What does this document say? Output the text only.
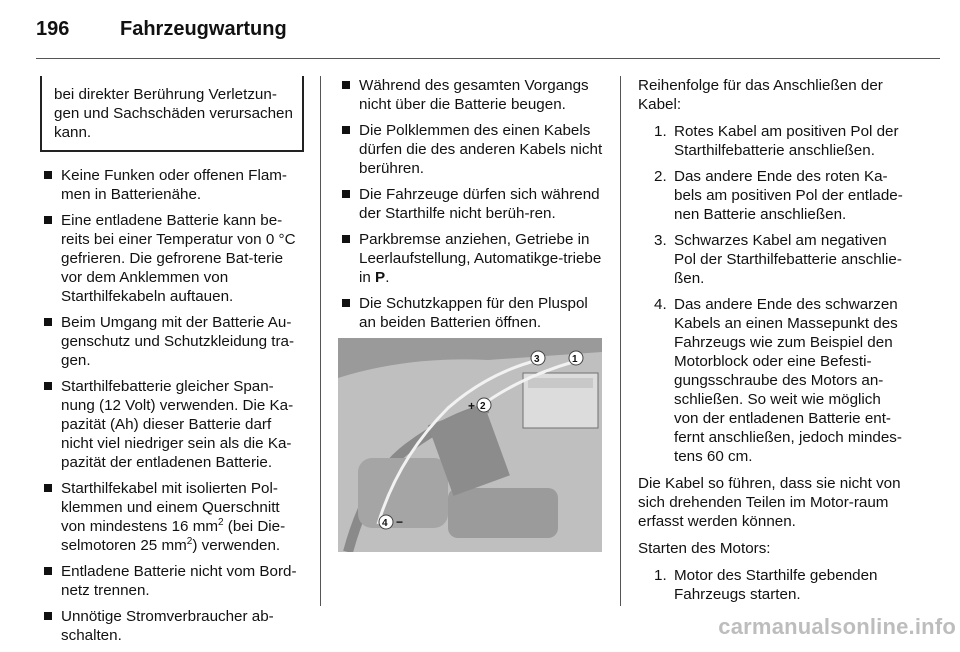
196	Fahrzeugwartung
bei direkter Berührung Verletzun-gen und Sachschäden verursachen kann.
Keine Funken oder offenen Flam-men in Batterienähe.
Eine entladene Batterie kann be-reits bei einer Temperatur von 0 °C gefrieren. Die gefrorene Bat-terie vor dem Anklemmen von Starthilfekabeln auftauen.
Beim Umgang mit der Batterie Au-genschutz und Schutzkleidung tra-gen.
Starthilfebatterie gleicher Span-nung (12 Volt) verwenden. Die Ka-pazität (Ah) dieser Batterie darf nicht viel niedriger sein als die Ka-pazität der entladenen Batterie.
Starthilfekabel mit isolierten Pol-klemmen und einem Querschnitt von mindestens 16 $mm^2$ (bei Die-selmotoren 25 $mm^2$) verwenden.
Entladene Batterie nicht vom Bord-netz trennen.
Unnötige Stromverbraucher ab-schalten.
Während des gesamten Vorgangs nicht über die Batterie beugen.
Die Polklemmen des einen Kabels dürfen die des anderen Kabels nicht berühren.
Die Fahrzeuge dürfen sich während der Starthilfe nicht berüh-ren.
Parkbremse anziehen, Getriebe in Leerlaufstellung, Automatikge-triebe in P.
Die Schutzkappen für den Pluspol an beiden Batterien öffnen.
+ 2
3	1
4 −

Reihenfolge für das Anschließen der Kabel:

1. Rotes Kabel am positiven Pol der Starthilfebatterie anschließen.
2. Das andere Ende des roten Ka-bels am positiven Pol der entlade-nen Batterie anschließen.
3. Schwarzes Kabel am negativen Pol der Starthilfebatterie anschlie-ßen.
4. Das andere Ende des schwarzen Kabels an einen Massepunkt des Fahrzeugs wie zum Beispiel den Motorblock oder eine Befesti-gungsschraube des Motors an-schließen. So weit wie möglich von der entladenen Batterie ent-fernt anschließen, jedoch mindes-tens 60 cm.

Die Kabel so führen, dass sie nicht von sich drehenden Teilen im Motor-raum erfasst werden können.

Starten des Motors:

1. Motor des Starthilfe gebenden Fahrzeugs starten.
carmanualsonline.info
